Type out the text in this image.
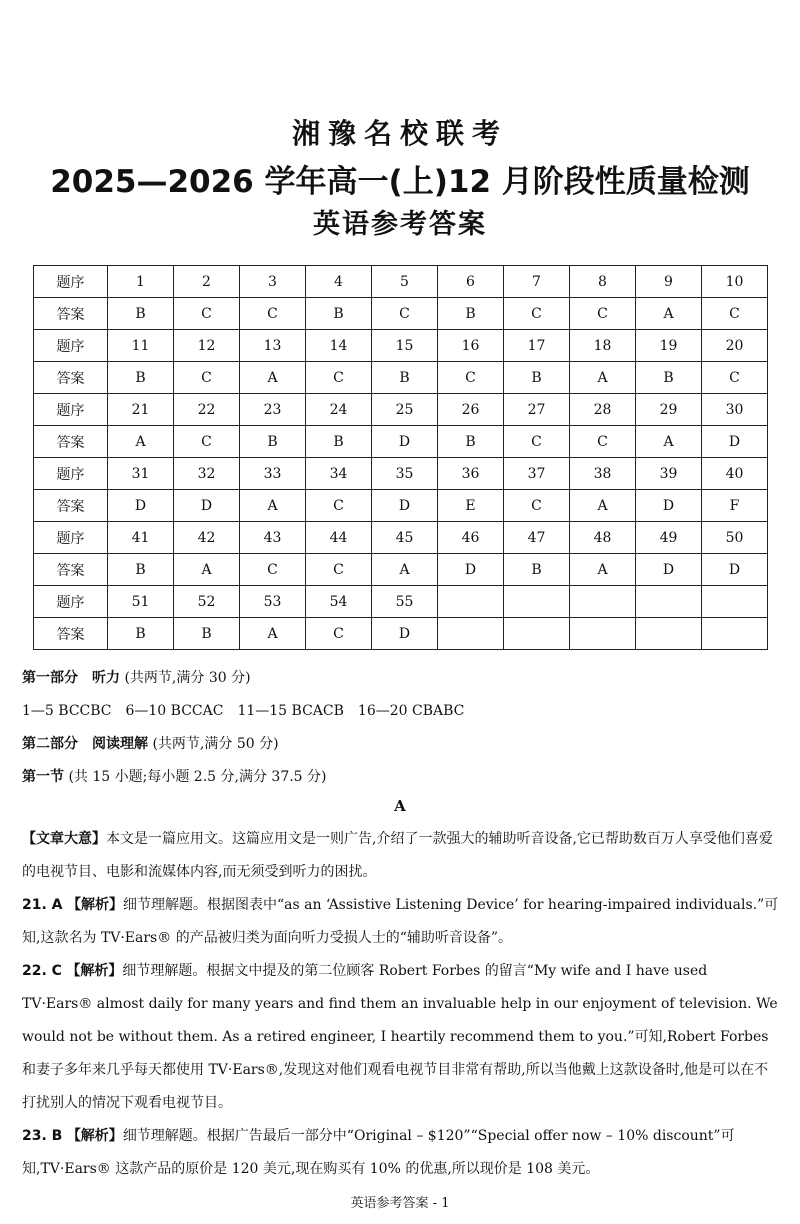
湘豫名校联考
2025—2026 学年高一(上)12 月阶段性质量检测
英语参考答案
题序	1	2	3	4	5	6	7	8	9	10
答案	B	C	C	B	C	B	C	C	A	C
题序	11	12	13	14	15	16	17	18	19	20
答案	B	C	A	C	B	C	B	A	B	C
题序	21	22	23	24	25	26	27	28	29	30
答案	A	C	B	B	D	B	C	C	A	D
题序	31	32	33	34	35	36	37	38	39	40
答案	D	D	A	C	D	E	C	A	D	F
题序	41	42	43	44	45	46	47	48	49	50
答案	B	A	C	C	A	D	B	A	D	D
题序	51	52	53	54	55					
答案	B	B	A	C	D					
第一部分　听力 (共两节,满分 30 分)
1—5 BCCBC　6—10 BCCAC　11—15 BCACB　16—20 CBABC
第二部分　阅读理解 (共两节,满分 50 分)
第一节 (共 15 小题;每小题 2.5 分,满分 37.5 分)
A
【文章大意】本文是一篇应用文。这篇应用文是一则广告,介绍了一款强大的辅助听音设备,它已帮助数百万人享受他们喜爱的电视节目、电影和流媒体内容,而无须受到听力的困扰。
21. A 【解析】细节理解题。根据图表中“as an ‘Assistive Listening Device’ for hearing-impaired individuals.”可知,这款名为 TV·Ears® 的产品被归类为面向听力受损人士的“辅助听音设备”。
22. C 【解析】细节理解题。根据文中提及的第二位顾客 Robert Forbes 的留言“My wife and I have used TV·Ears® almost daily for many years and find them an invaluable help in our enjoyment of television. We would not be without them. As a retired engineer, I heartily recommend them to you.”可知,Robert Forbes 和妻子多年来几乎每天都使用 TV·Ears®,发现这对他们观看电视节目非常有帮助,所以当他戴上这款设备时,他是可以在不打扰别人的情况下观看电视节目。
23. B 【解析】细节理解题。根据广告最后一部分中“Original – $120”“Special offer now – 10% discount”可知,TV·Ears® 这款产品的原价是 120 美元,现在购买有 10% 的优惠,所以现价是 108 美元。
英语参考答案 - 1
